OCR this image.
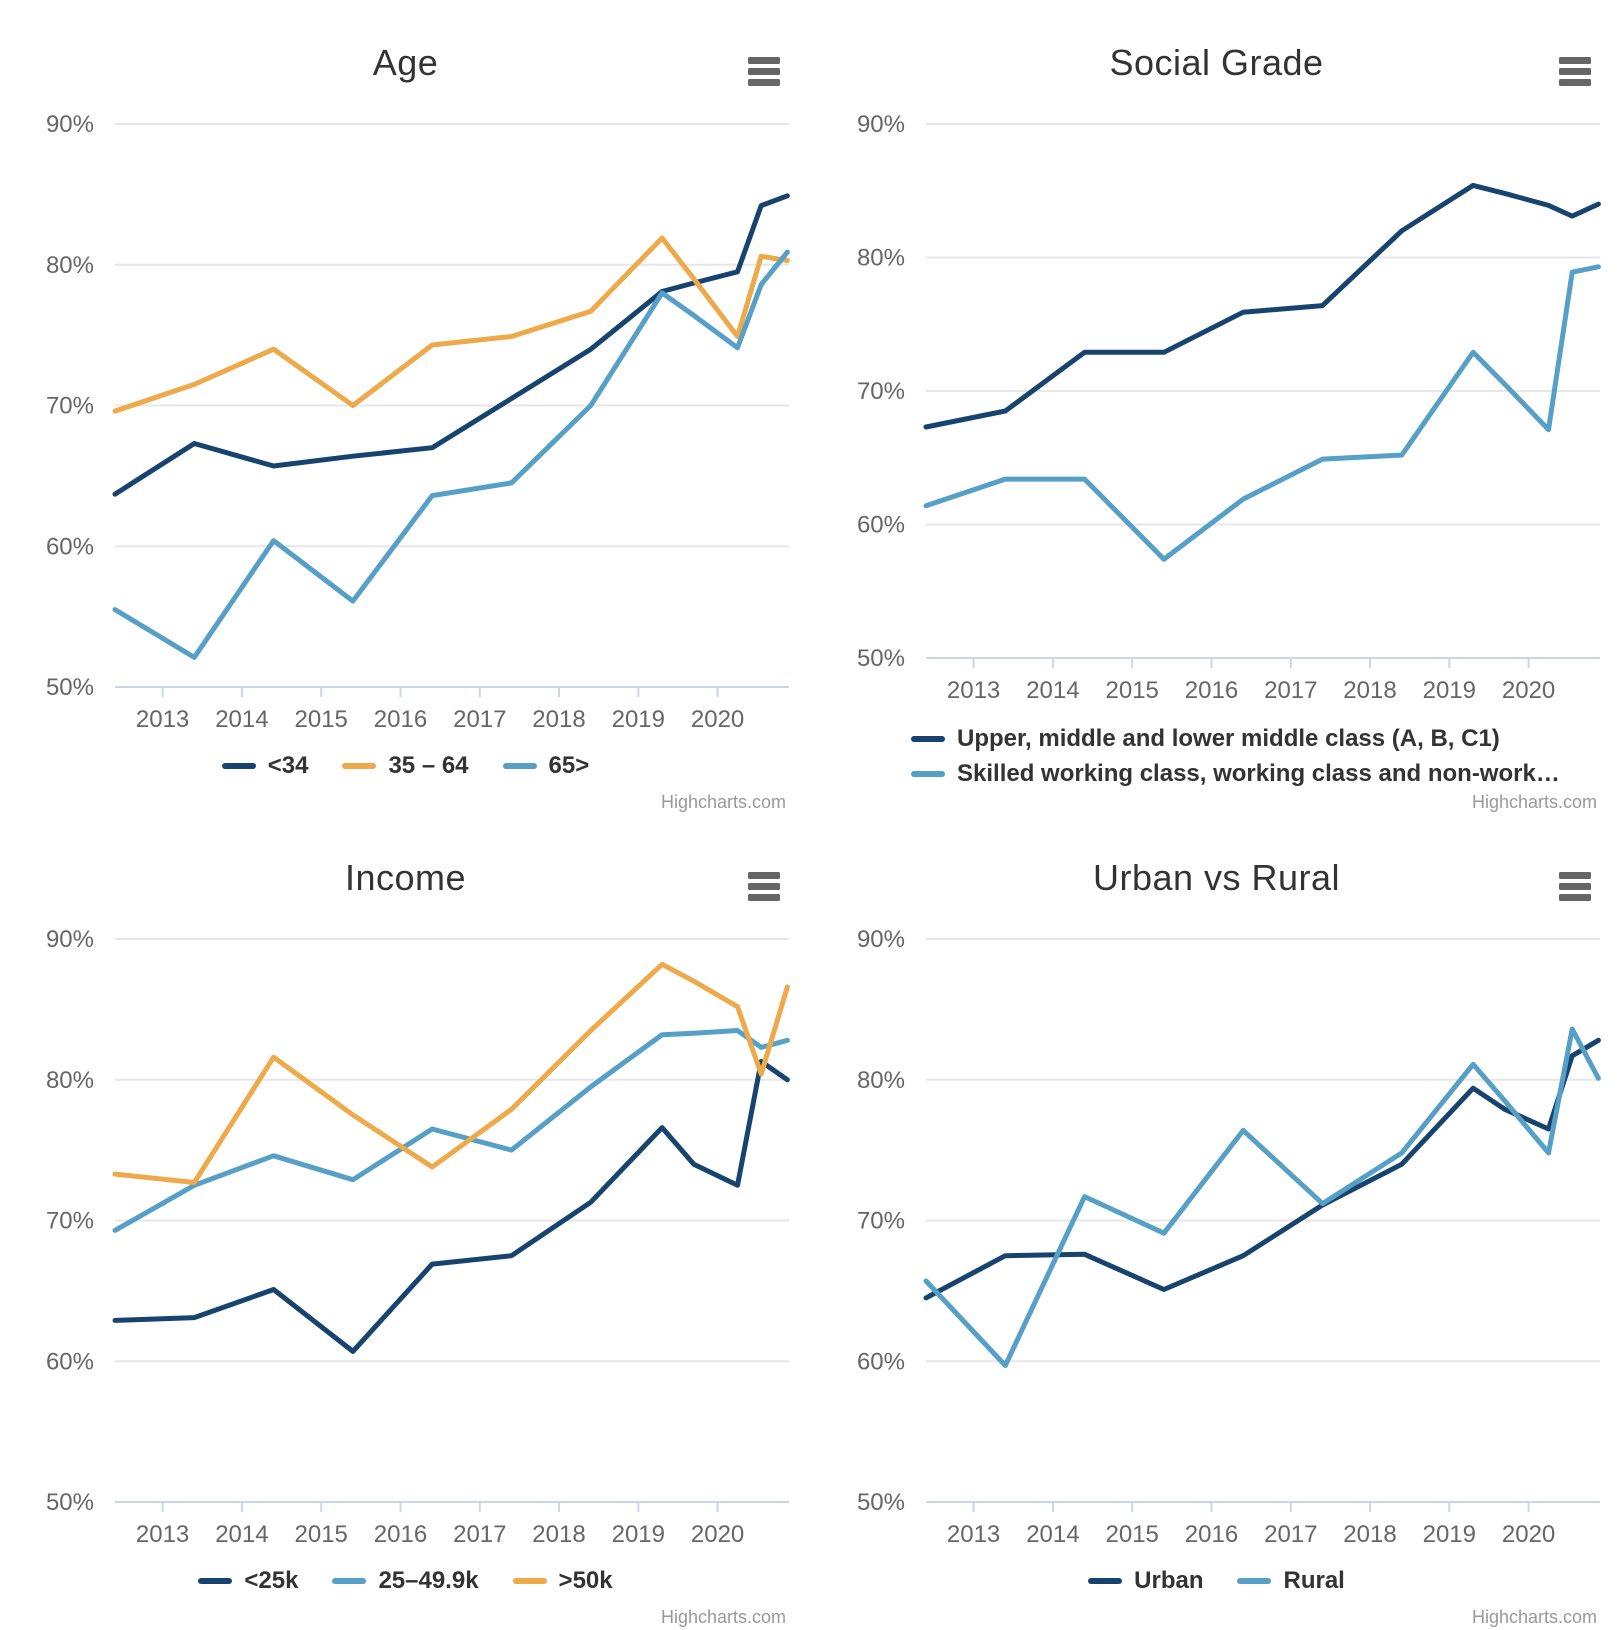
50%
60%
70%
80%
90%
2013 2014 2015 2016 2017 2018 2019 2020
Age
<34	35 – 64	65>
Highcharts.com
50%
60%
70%
80%
90%
2013 2014 2015 2016 2017 2018 2019 2020
Social Grade
Upper, middle and lower middle class (A, B, C1)
Skilled working class, working class and non-work…
Highcharts.com
50%
60%
70%
80%
90%
2013 2014 2015 2016 2017 2018 2019 2020
Income
<25k	25–49.9k	>50k
Highcharts.com
50%
60%
70%
80%
90%
2013 2014 2015 2016 2017 2018 2019 2020
Urban vs Rural
Urban	Rural
Highcharts.com
